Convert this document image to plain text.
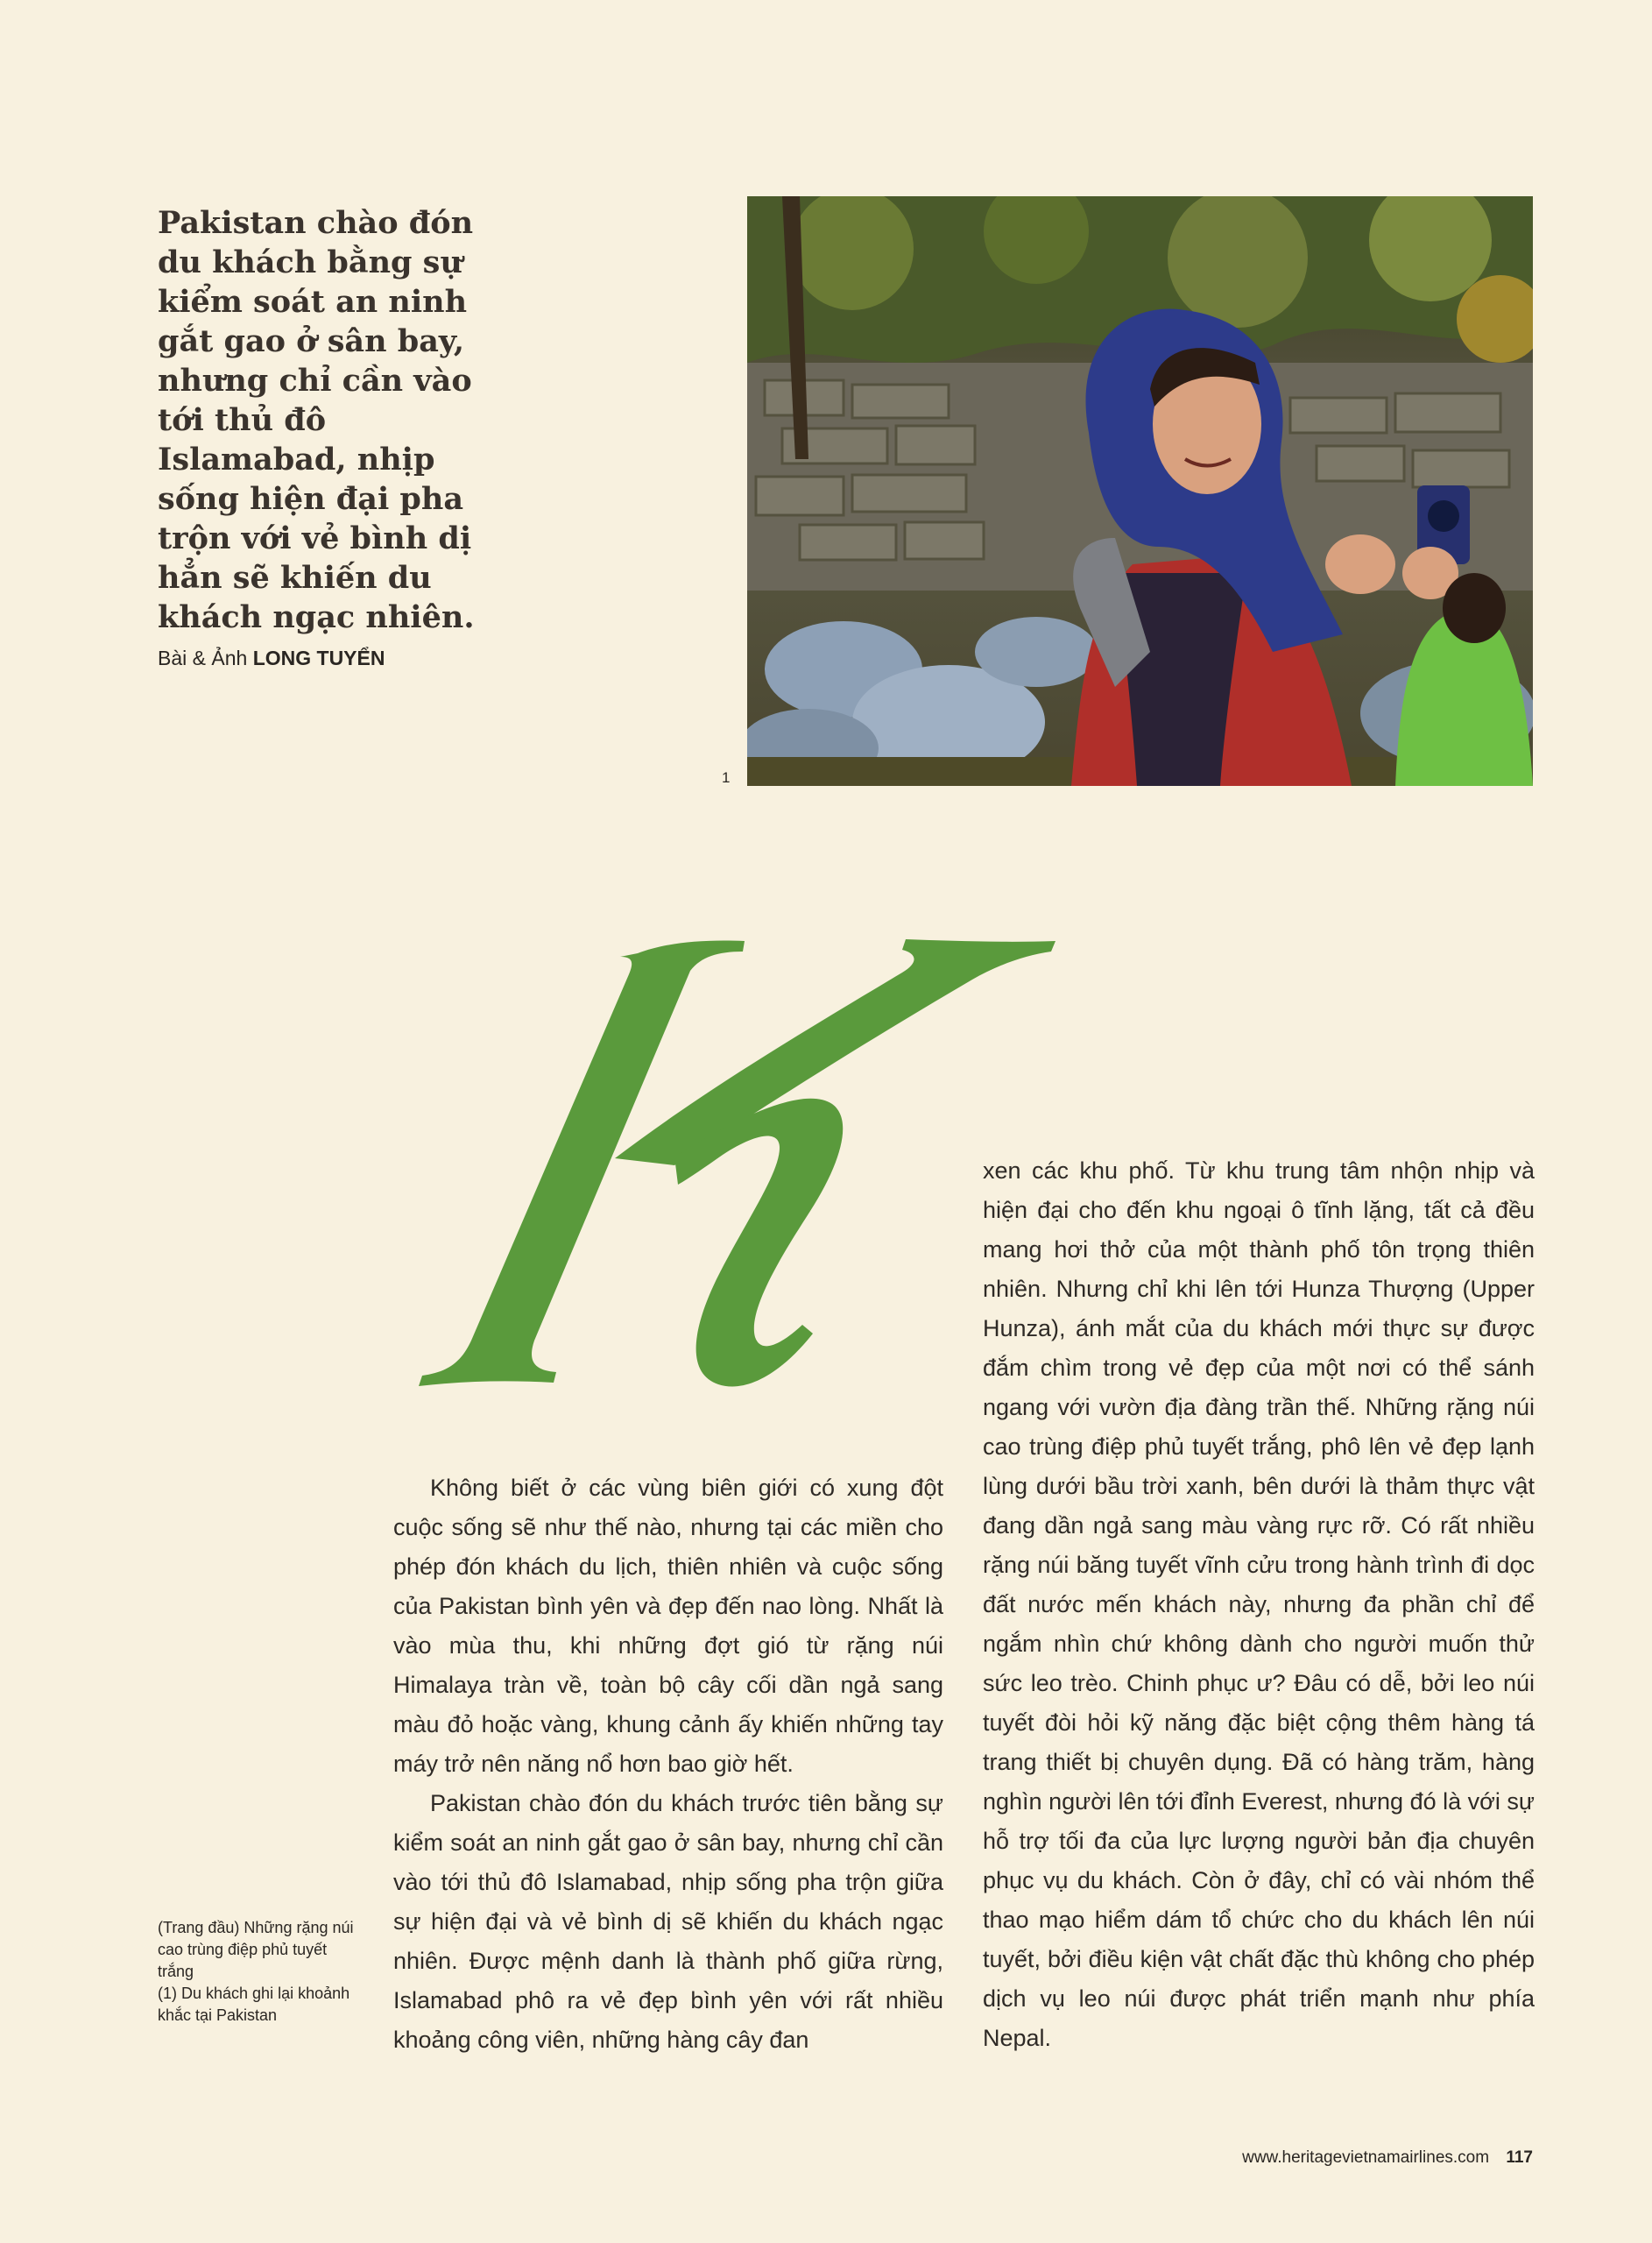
Pakistan chào đón du khách bằng sự kiểm soát an ninh gắt gao ở sân bay, nhưng chỉ cần vào tới thủ đô Islamabad, nhịp sống hiện đại pha trộn với vẻ bình dị hẳn sẽ khiến du khách ngạc nhiên.

Bài & Ảnh LONG TUYỂN
1

Không biết ở các vùng biên giới có xung đột cuộc sống sẽ như thế nào, nhưng tại các miền cho phép đón khách du lịch, thiên nhiên và cuộc sống của Pakistan bình yên và đẹp đến nao lòng. Nhất là vào mùa thu, khi những đợt gió từ rặng núi Himalaya tràn về, toàn bộ cây cối dần ngả sang màu đỏ hoặc vàng, khung cảnh ấy khiến những tay máy trở nên năng nổ hơn bao giờ hết.

Pakistan chào đón du khách trước tiên bằng sự kiểm soát an ninh gắt gao ở sân bay, nhưng chỉ cần vào tới thủ đô Islamabad, nhịp sống pha trộn giữa sự hiện đại và vẻ bình dị sẽ khiến du khách ngạc nhiên. Được mệnh danh là thành phố giữa rừng, Islamabad phô ra vẻ đẹp bình yên với rất nhiều khoảng công viên, những hàng cây đan

xen các khu phố. Từ khu trung tâm nhộn nhịp và hiện đại cho đến khu ngoại ô tĩnh lặng, tất cả đều mang hơi thở của một thành phố tôn trọng thiên nhiên. Nhưng chỉ khi lên tới Hunza Thượng (Upper Hunza), ánh mắt của du khách mới thực sự được đắm chìm trong vẻ đẹp của một nơi có thể sánh ngang với vườn địa đàng trần thế. Những rặng núi cao trùng điệp phủ tuyết trắng, phô lên vẻ đẹp lạnh lùng dưới bầu trời xanh, bên dưới là thảm thực vật đang dần ngả sang màu vàng rực rỡ. Có rất nhiều rặng núi băng tuyết vĩnh cửu trong hành trình đi dọc đất nước mến khách này, nhưng đa phần chỉ để ngắm nhìn chứ không dành cho người muốn thử sức leo trèo. Chinh phục ư? Đâu có dễ, bởi leo núi tuyết đòi hỏi kỹ năng đặc biệt cộng thêm hàng tá trang thiết bị chuyên dụng. Đã có hàng trăm, hàng nghìn người lên tới đỉnh Everest, nhưng đó là với sự hỗ trợ tối đa của lực lượng người bản địa chuyên phục vụ du khách. Còn ở đây, chỉ có vài nhóm thể thao mạo hiểm dám tổ chức cho du khách lên núi tuyết, bởi điều kiện vật chất đặc thù không cho phép dịch vụ leo núi được phát triển mạnh như phía Nepal.

(Trang đầu) Những rặng núi cao trùng điệp phủ tuyết trắng
(1) Du khách ghi lại khoảnh khắc tại Pakistan
www.heritagevietnamairlines.com 117
